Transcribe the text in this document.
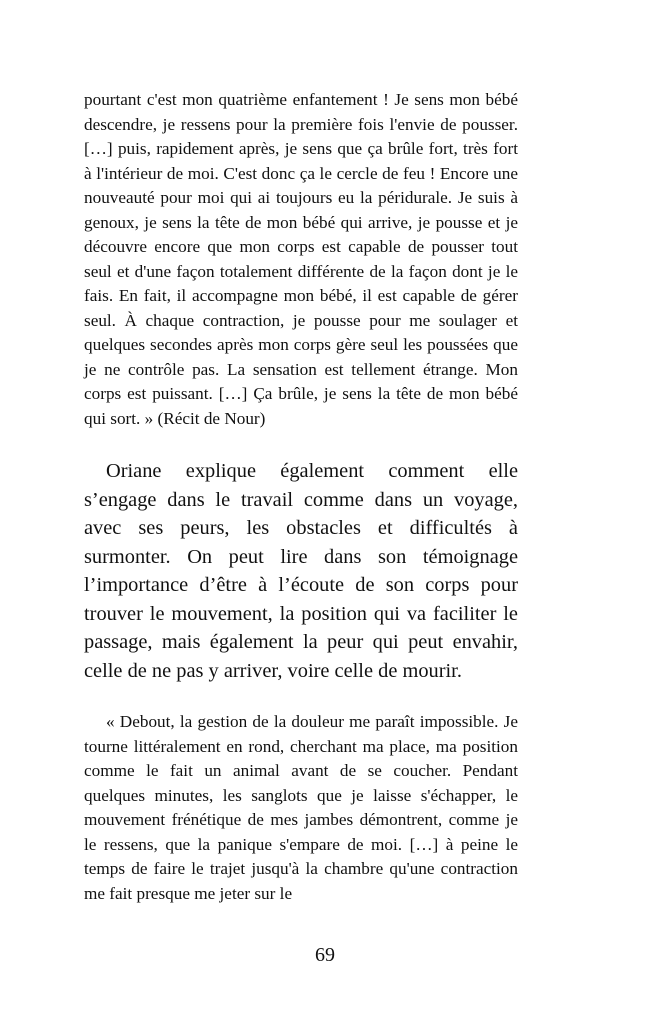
pourtant c'est mon quatrième enfantement ! Je sens mon bébé descendre, je ressens pour la première fois l'envie de pousser. […] puis, rapidement après, je sens que ça brûle fort, très fort à l'intérieur de moi. C'est donc ça le cercle de feu ! Encore une nouveauté pour moi qui ai toujours eu la péridurale. Je suis à genoux, je sens la tête de mon bébé qui arrive, je pousse et je découvre encore que mon corps est capable de pousser tout seul et d'une façon totalement différente de la façon dont je le fais. En fait, il accompagne mon bébé, il est capable de gérer seul. À chaque contraction, je pousse pour me soulager et quelques secondes après mon corps gère seul les poussées que je ne contrôle pas. La sensation est tellement étrange. Mon corps est puissant. […] Ça brûle, je sens la tête de mon bébé qui sort. » (Récit de Nour)

Oriane explique également comment elle s’engage dans le travail comme dans un voyage, avec ses peurs, les obstacles et difficultés à surmonter. On peut lire dans son témoignage l’importance d’être à l’écoute de son corps pour trouver le mouvement, la position qui va faciliter le passage, mais également la peur qui peut envahir, celle de ne pas y arriver, voire celle de mourir.

« Debout, la gestion de la douleur me paraît impossible. Je tourne littéralement en rond, cherchant ma place, ma position comme le fait un animal avant de se coucher. Pendant quelques minutes, les sanglots que je laisse s'échapper, le mouvement frénétique de mes jambes démontrent, comme je le ressens, que la panique s'empare de moi. […] à peine le temps de faire le trajet jusqu'à la chambre qu'une contraction me fait presque me jeter sur le

69
